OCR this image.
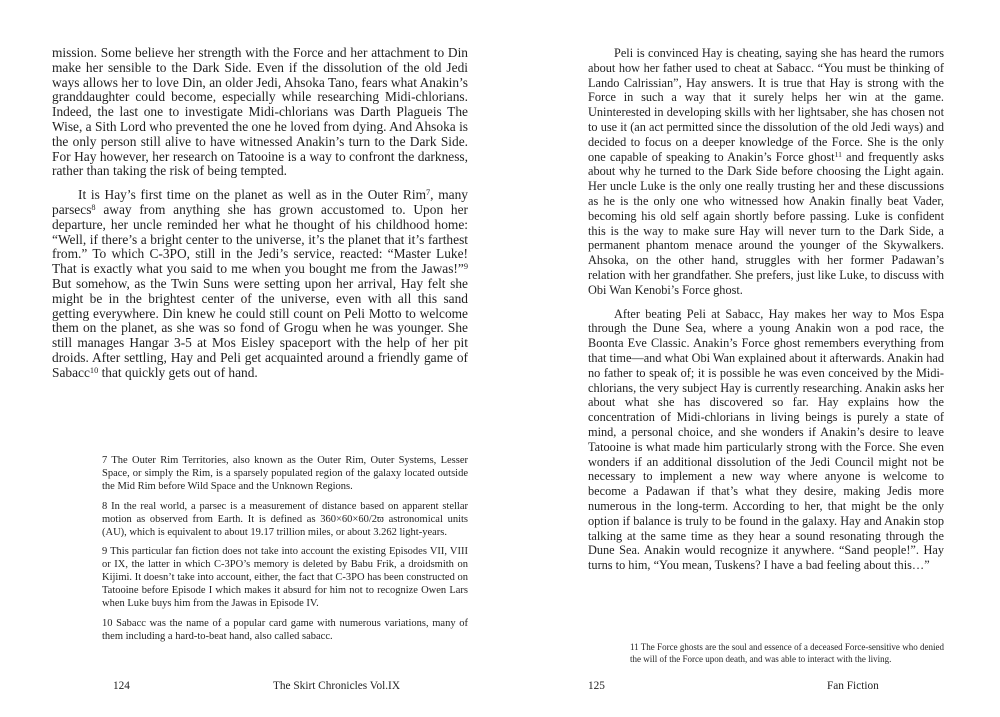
mission. Some believe her strength with the Force and her attachment to Din make her sensible to the Dark Side. Even if the dissolution of the old Jedi ways allows her to love Din, an older Jedi, Ahsoka Tano, fears what Anakin’s granddaughter could become, especially while researching Midi-chlorians. Indeed, the last one to investigate Midi-chlorians was Darth Plagueis The Wise, a Sith Lord who prevented the one he loved from dying. And Ahsoka is the only person still alive to have witnessed Anakin’s turn to the Dark Side. For Hay however, her research on Tatooine is a way to confront the darkness, rather than taking the risk of being tempted.

It is Hay’s first time on the planet as well as in the Outer Rim$^7$, many parsecs$^8$ away from anything she has grown accustomed to. Upon her departure, her uncle reminded her what he thought of his childhood home: “Well, if there’s a bright center to the universe, it’s the planet that it’s farthest from.” To which C-3PO, still in the Jedi’s service, reacted: “Master Luke! That is exactly what you said to me when you bought me from the Jawas!”$^9$ But somehow, as the Twin Suns were setting upon her arrival, Hay felt she might be in the brightest center of the universe, even with all this sand getting everywhere. Din knew he could still count on Peli Motto to welcome them on the planet, as she was so fond of Grogu when he was younger. She still manages Hangar 3-5 at Mos Eisley spaceport with the help of her pit droids. After settling, Hay and Peli get acquainted around a friendly game of Sabacc$^{10}$ that quickly gets out of hand.

7 The Outer Rim Territories, also known as the Outer Rim, Outer Systems, Lesser Space, or simply the Rim, is a sparsely populated region of the galaxy located outside the Mid Rim before Wild Space and the Unknown Regions.

8 In the real world, a parsec is a measurement of distance based on apparent stellar motion as observed from Earth. It is defined as 360×60×60/2ϖ astronomical units (AU), which is equivalent to about 19.17 trillion miles, or about 3.262 light-years.

9 This particular fan fiction does not take into account the existing Episodes VII, VIII or IX, the latter in which C-3PO’s memory is deleted by Babu Frik, a droidsmith on Kijimi. It doesn’t take into account, either, the fact that C-3PO has been constructed on Tatooine before Episode I which makes it absurd for him not to recognize Owen Lars when Luke buys him from the Jawas in Episode IV.

10 Sabacc was the name of a popular card game with numerous variations, many of them including a hard-to-beat hand, also called sabacc.

124	The Skirt Chronicles Vol.IX

Peli is convinced Hay is cheating, saying she has heard the rumors about how her father used to cheat at Sabacc. “You must be thinking of Lando Calrissian”, Hay answers. It is true that Hay is strong with the Force in such a way that it surely helps her win at the game. Uninterested in developing skills with her lightsaber, she has chosen not to use it (an act permitted since the dissolution of the old Jedi ways) and decided to focus on a deeper knowledge of the Force. She is the only one capable of speaking to Anakin’s Force ghost$^{11}$ and frequently asks about why he turned to the Dark Side before choosing the Light again. Her uncle Luke is the only one really trusting her and these discussions as he is the only one who witnessed how Anakin finally beat Vader, becoming his old self again shortly before passing. Luke is confident this is the way to make sure Hay will never turn to the Dark Side, a permanent phantom menace around the younger of the Skywalkers. Ahsoka, on the other hand, struggles with her former Padawan’s relation with her grandfather. She prefers, just like Luke, to discuss with Obi Wan Kenobi’s Force ghost.

After beating Peli at Sabacc, Hay makes her way to Mos Espa through the Dune Sea, where a young Anakin won a pod race, the Boonta Eve Classic. Anakin’s Force ghost remembers everything from that time—and what Obi Wan explained about it afterwards. Anakin had no father to speak of; it is possible he was even conceived by the Midi-chlorians, the very subject Hay is currently researching. Anakin asks her about what she has discovered so far. Hay explains how the concentration of Midi-chlorians in living beings is purely a state of mind, a personal choice, and she wonders if Anakin’s desire to leave Tatooine is what made him particularly strong with the Force. She even wonders if an additional dissolution of the Jedi Council might not be necessary to implement a new way where anyone is welcome to become a Padawan if that’s what they desire, making Jedis more numerous in the long-term. According to her, that might be the only option if balance is truly to be found in the galaxy. Hay and Anakin stop talking at the same time as they hear a sound resonating through the Dune Sea. Anakin would recognize it anywhere. “Sand people!”. Hay turns to him, “You mean, Tuskens? I have a bad feeling about this…”

11 The Force ghosts are the soul and essence of a deceased Force-sensitive who denied the will of the Force upon death, and was able to interact with the living.

125	Fan Fiction
